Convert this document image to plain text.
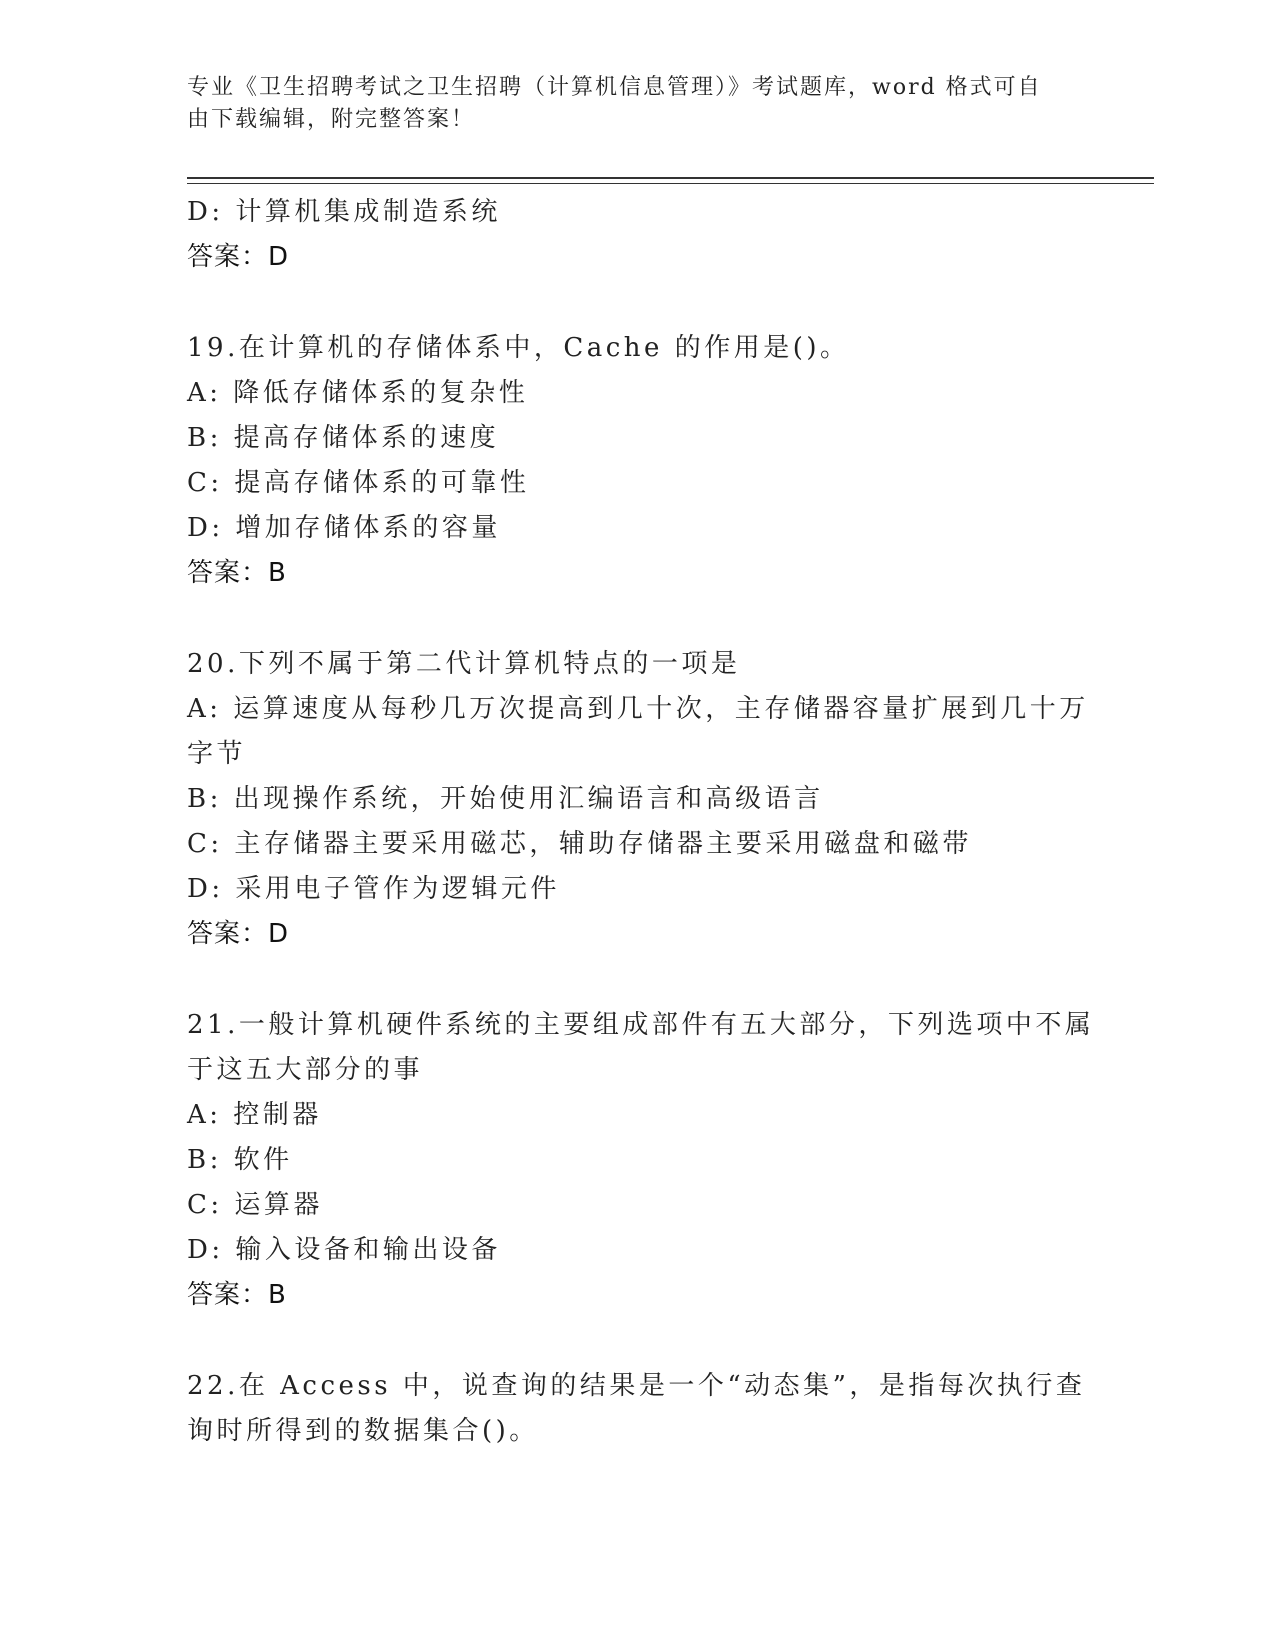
专业《卫生招聘考试之卫生招聘（计算机信息管理）》考试题库，word 格式可自
由下载编辑，附完整答案！
D: 计算机集成制造系统
答案：D
19.在计算机的存储体系中，Cache 的作用是()。
A: 降低存储体系的复杂性
B: 提高存储体系的速度
C: 提高存储体系的可靠性
D: 增加存储体系的容量
答案：B
20.下列不属于第二代计算机特点的一项是
A: 运算速度从每秒几万次提高到几十次，主存储器容量扩展到几十万
字节
B: 出现操作系统，开始使用汇编语言和高级语言
C: 主存储器主要采用磁芯，辅助存储器主要采用磁盘和磁带
D: 采用电子管作为逻辑元件
答案：D
21.一般计算机硬件系统的主要组成部件有五大部分，下列选项中不属
于这五大部分的事
A: 控制器
B: 软件
C: 运算器
D: 输入设备和输出设备
答案：B
22.在 Access 中，说查询的结果是一个“动态集”，是指每次执行查
询时所得到的数据集合()。
